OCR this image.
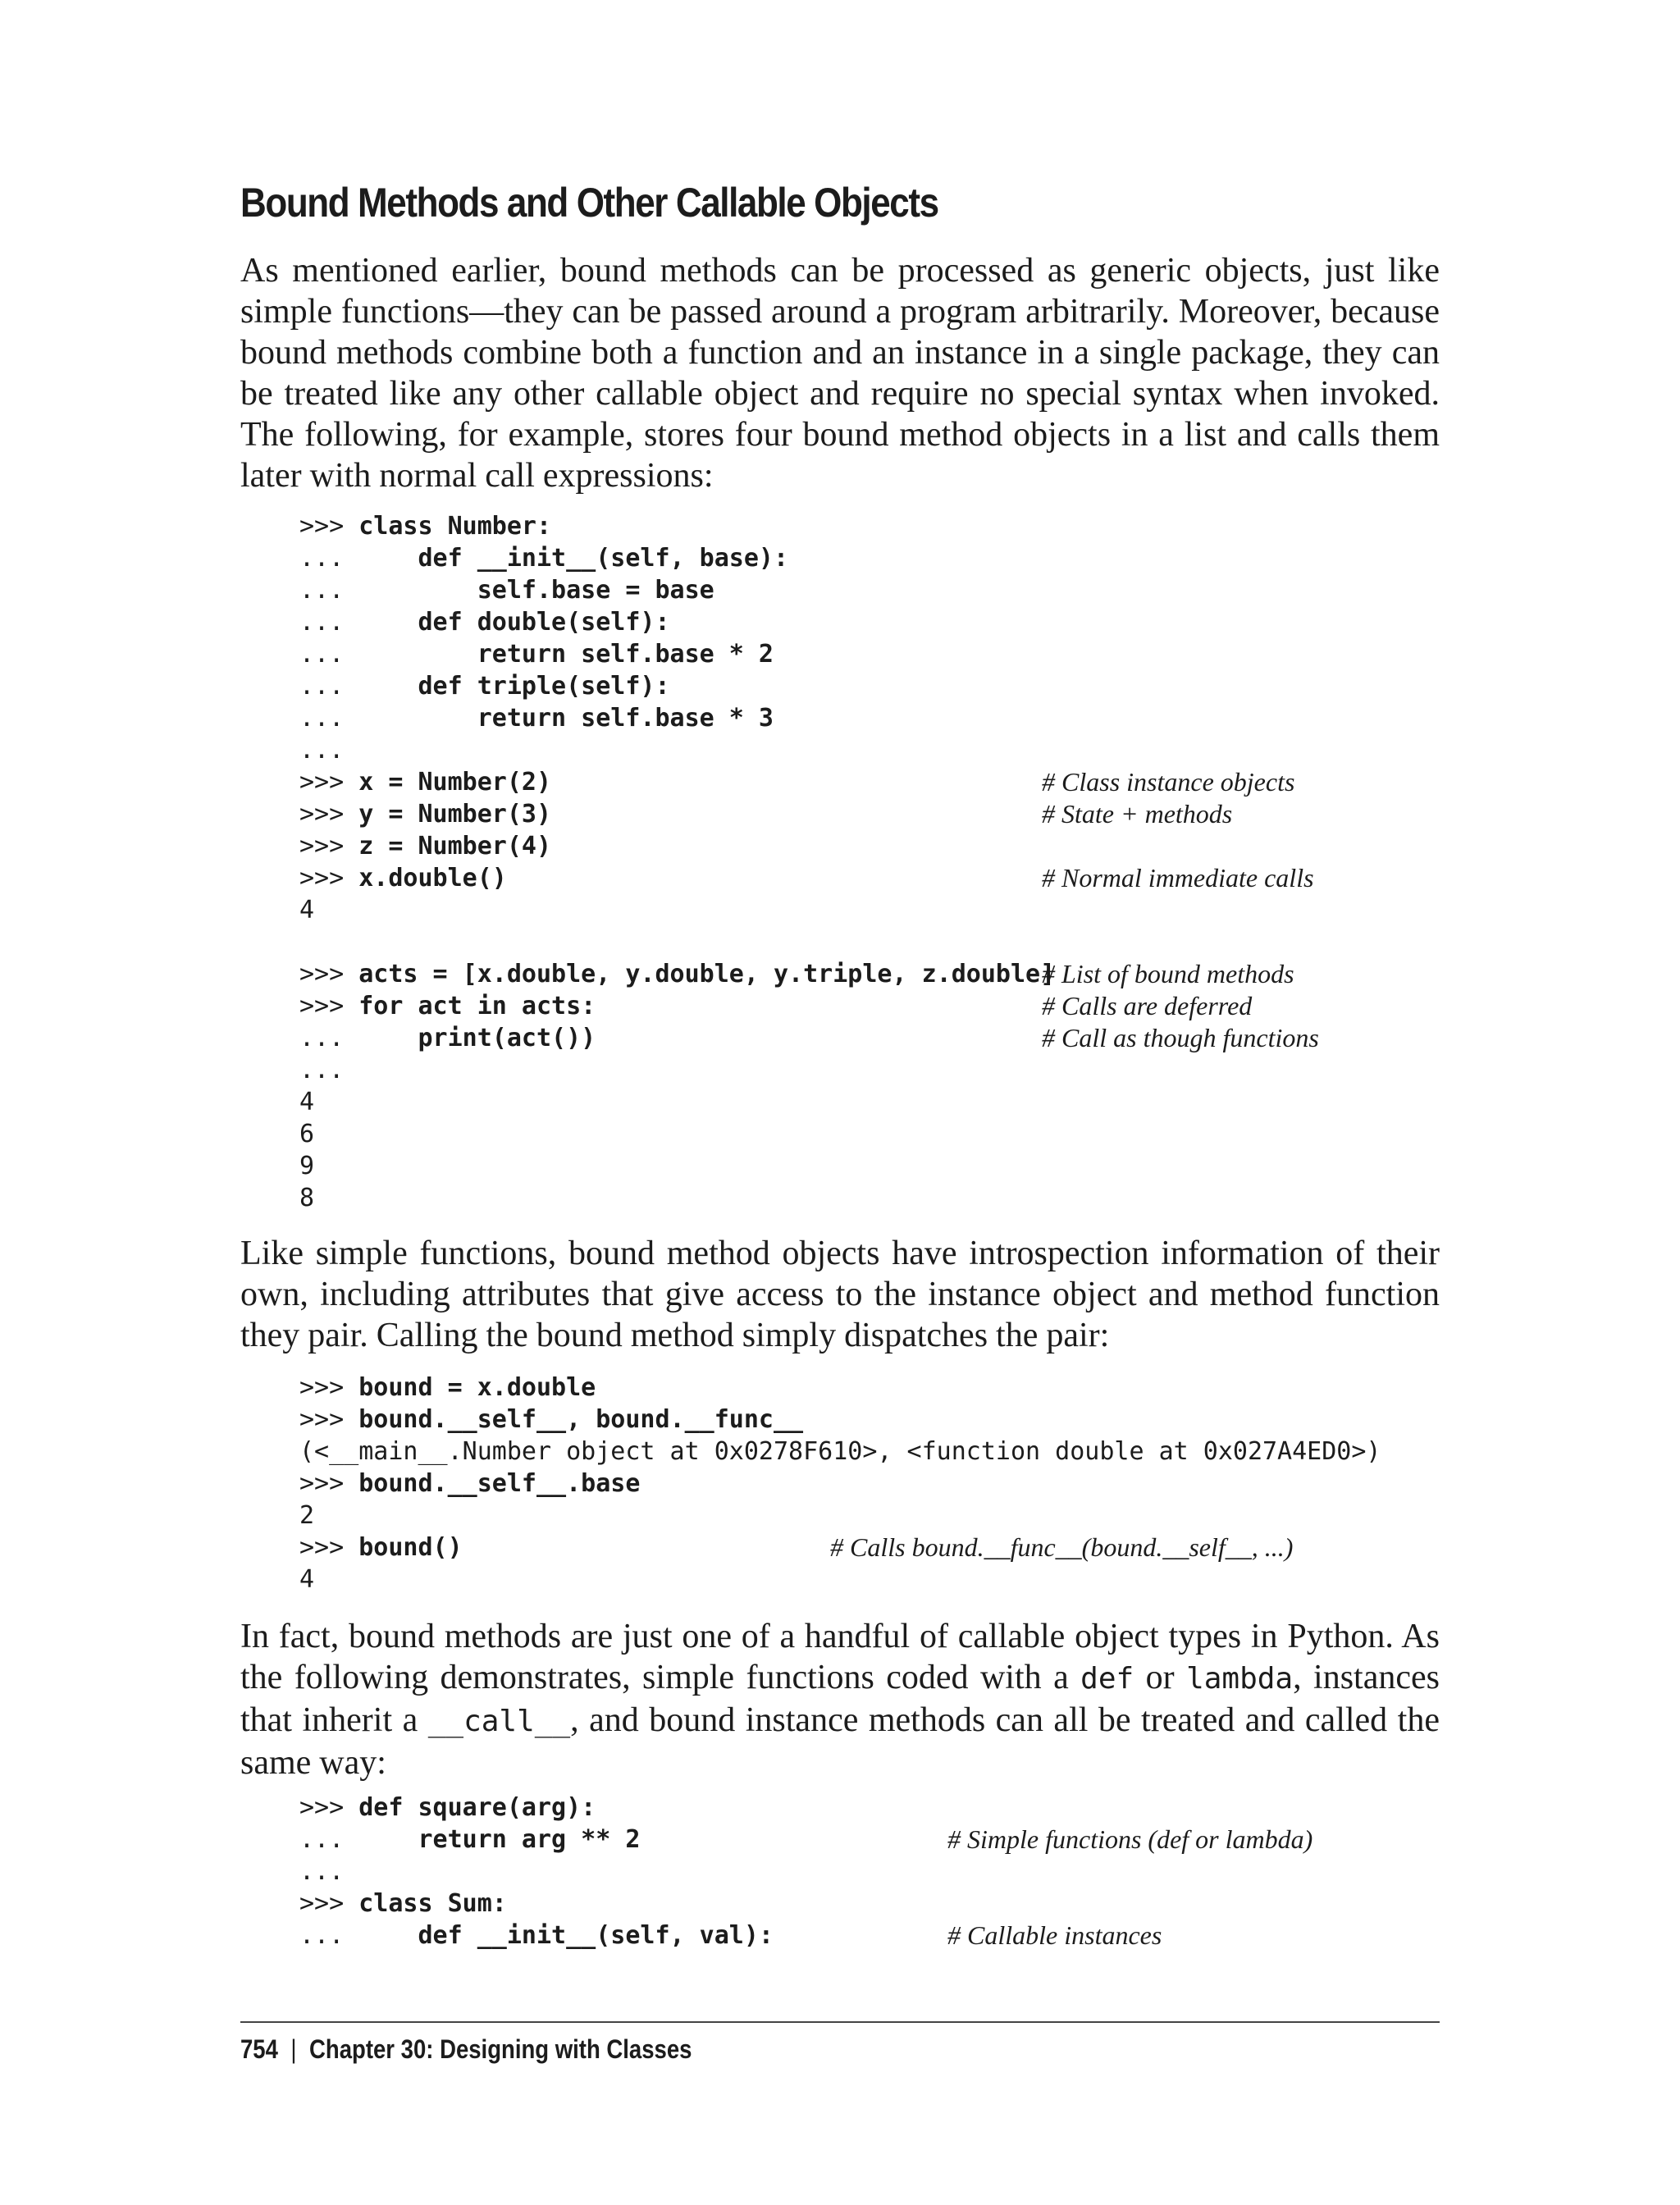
Bound Methods and Other Callable Objects

As mentioned earlier, bound methods can be processed as generic objects, just like simple functions—they can be passed around a program arbitrarily. Moreover, because bound methods combine both a function and an instance in a single package, they can be treated like any other callable object and require no special syntax when invoked. The following, for example, stores four bound method objects in a list and calls them later with normal call expressions:

>>> class Number:
...     def __init__(self, base):
...         self.base = base
...     def double(self):
...         return self.base * 2
...     def triple(self):
...         return self.base * 3
...
>>> x = Number(2)
>>> y = Number(3)
>>> z = Number(4)
>>> x.double()
4
>>> acts = [x.double, y.double, y.triple, z.double]
>>> for act in acts:
...     print(act())
...
4
6
9
8
# Class instance objects
# State + methods
# Normal immediate calls
# List of bound methods
# Calls are deferred
# Call as though functions

Like simple functions, bound method objects have introspection information of their own, including attributes that give access to the instance object and method function they pair. Calling the bound method simply dispatches the pair:

>>> bound = x.double
>>> bound.__self__, bound.__func__
(<__main__.Number object at 0x0278F610>, <function double at 0x027A4ED0>)
>>> bound.__self__.base
2
>>> bound()
4
# Calls bound.__func__(bound.__self__, ...)

In fact, bound methods are just one of a handful of callable object types in Python. As the following demonstrates, simple functions coded with a def or lambda, instances that inherit a __call__, and bound instance methods can all be treated and called the same way:

>>> def square(arg):
...     return arg ** 2
...
>>> class Sum:
...     def __init__(self, val):
# Simple functions (def or lambda)
# Callable instances
754 | Chapter 30: Designing with Classes
